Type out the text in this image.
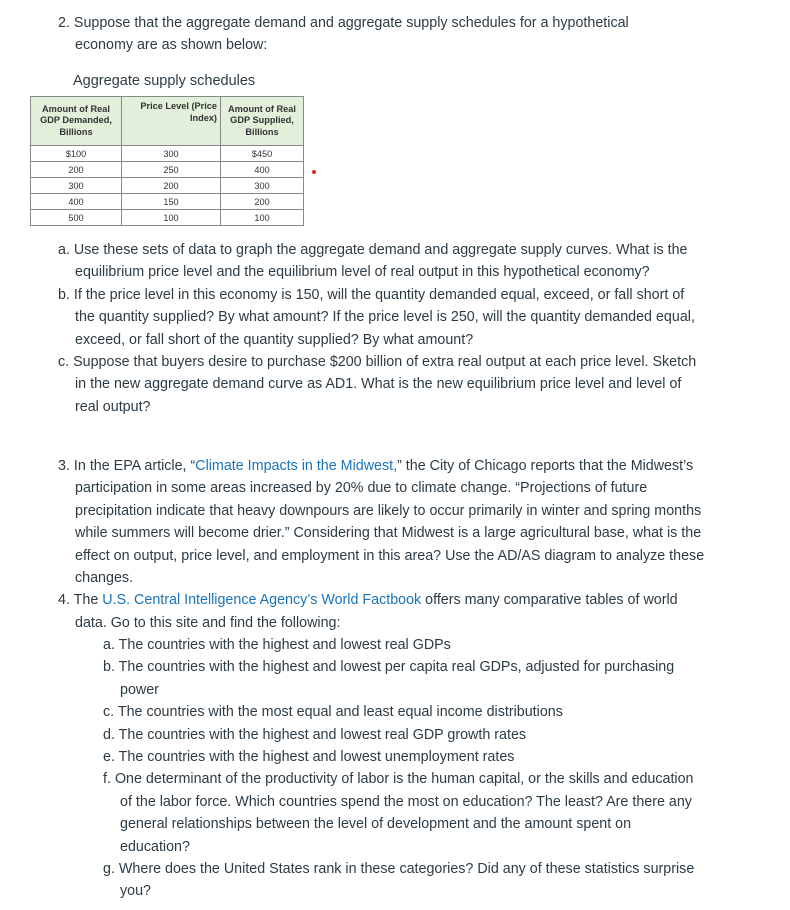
2. Suppose that the aggregate demand and aggregate supply schedules for a hypothetical economy are as shown below:
Aggregate supply schedules
Amount of Real GDP Demanded, Billions	Price Level (Price Index)	Amount of Real GDP Supplied, Billions
$100	300	$450
200	250	400
300	200	300
400	150	200
500	100	100
a. Use these sets of data to graph the aggregate demand and aggregate supply curves. What is the equilibrium price level and the equilibrium level of real output in this hypothetical economy?
b. If the price level in this economy is 150, will the quantity demanded equal, exceed, or fall short of the quantity supplied? By what amount? If the price level is 250, will the quantity demanded equal, exceed, or fall short of the quantity supplied? By what amount?
c. Suppose that buyers desire to purchase $200 billion of extra real output at each price level. Sketch in the new aggregate demand curve as AD1. What is the new equilibrium price level and level of real output?
3. In the EPA article, “Climate Impacts in the Midwest,” the City of Chicago reports that the Midwest’s participation in some areas increased by 20% due to climate change. “Projections of future precipitation indicate that heavy downpours are likely to occur primarily in winter and spring months while summers will become drier.” Considering that Midwest is a large agricultural base, what is the effect on output, price level, and employment in this area? Use the AD/AS diagram to analyze these changes.
4. The U.S. Central Intelligence Agency’s World Factbook offers many comparative tables of world data. Go to this site and find the following:
a. The countries with the highest and lowest real GDPs
b. The countries with the highest and lowest per capita real GDPs, adjusted for purchasing power
c. The countries with the most equal and least equal income distributions
d. The countries with the highest and lowest real GDP growth rates
e. The countries with the highest and lowest unemployment rates
f. One determinant of the productivity of labor is the human capital, or the skills and education of the labor force. Which countries spend the most on education? The least? Are there any general relationships between the level of development and the amount spent on education?
g. Where does the United States rank in these categories? Did any of these statistics surprise you?
